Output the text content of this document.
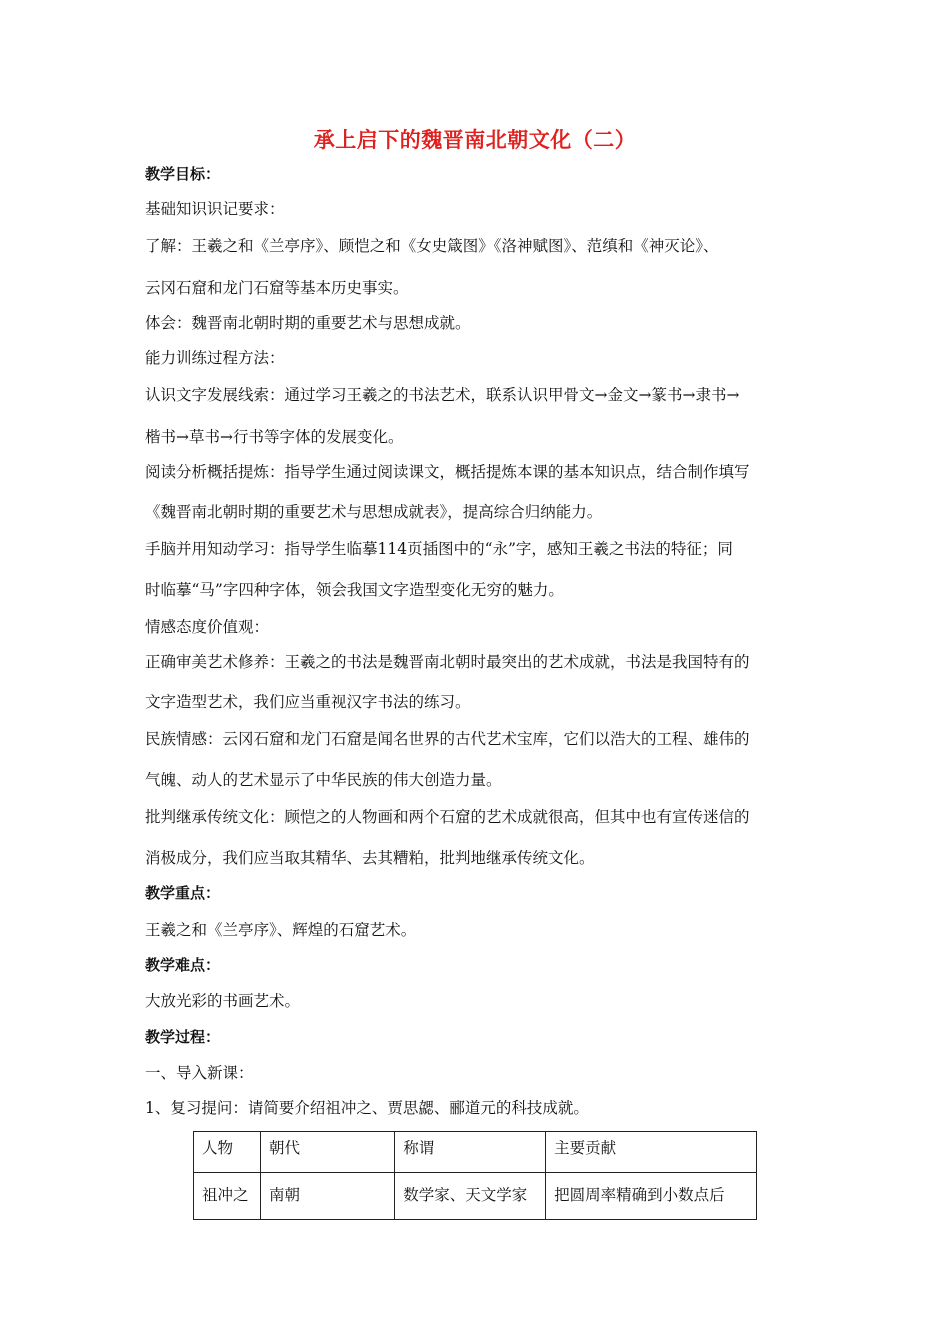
承上启下的魏晋南北朝文化（二）
教学目标：
基础知识识记要求：
了解：王羲之和《兰亭序》、顾恺之和《女史箴图》《洛神赋图》、范缜和《神灭论》、
云冈石窟和龙门石窟等基本历史事实。
体会：魏晋南北朝时期的重要艺术与思想成就。
能力训练过程方法：
认识文字发展线索：通过学习王羲之的书法艺术，联系认识甲骨文→金文→篆书→隶书→
楷书→草书→行书等字体的发展变化。
阅读分析概括提炼：指导学生通过阅读课文，概括提炼本课的基本知识点，结合制作填写
《魏晋南北朝时期的重要艺术与思想成就表》，提高综合归纳能力。
手脑并用知动学习：指导学生临摹114页插图中的“永”字，感知王羲之书法的特征；同
时临摹“马”字四种字体，领会我国文字造型变化无穷的魅力。
情感态度价值观：
正确审美艺术修养：王羲之的书法是魏晋南北朝时最突出的艺术成就，书法是我国特有的
文字造型艺术，我们应当重视汉字书法的练习。
民族情感：云冈石窟和龙门石窟是闻名世界的古代艺术宝库，它们以浩大的工程、雄伟的
气魄、动人的艺术显示了中华民族的伟大创造力量。
批判继承传统文化：顾恺之的人物画和两个石窟的艺术成就很高，但其中也有宣传迷信的
消极成分，我们应当取其精华、去其糟粕，批判地继承传统文化。
教学重点：
王羲之和《兰亭序》、辉煌的石窟艺术。
教学难点：
大放光彩的书画艺术。
教学过程：
一、导入新课：
1、复习提问：请简要介绍祖冲之、贾思勰、郦道元的科技成就。
人物	朝代	称谓	主要贡献
祖冲之	南朝	数学家、天文学家	把圆周率精确到小数点后
